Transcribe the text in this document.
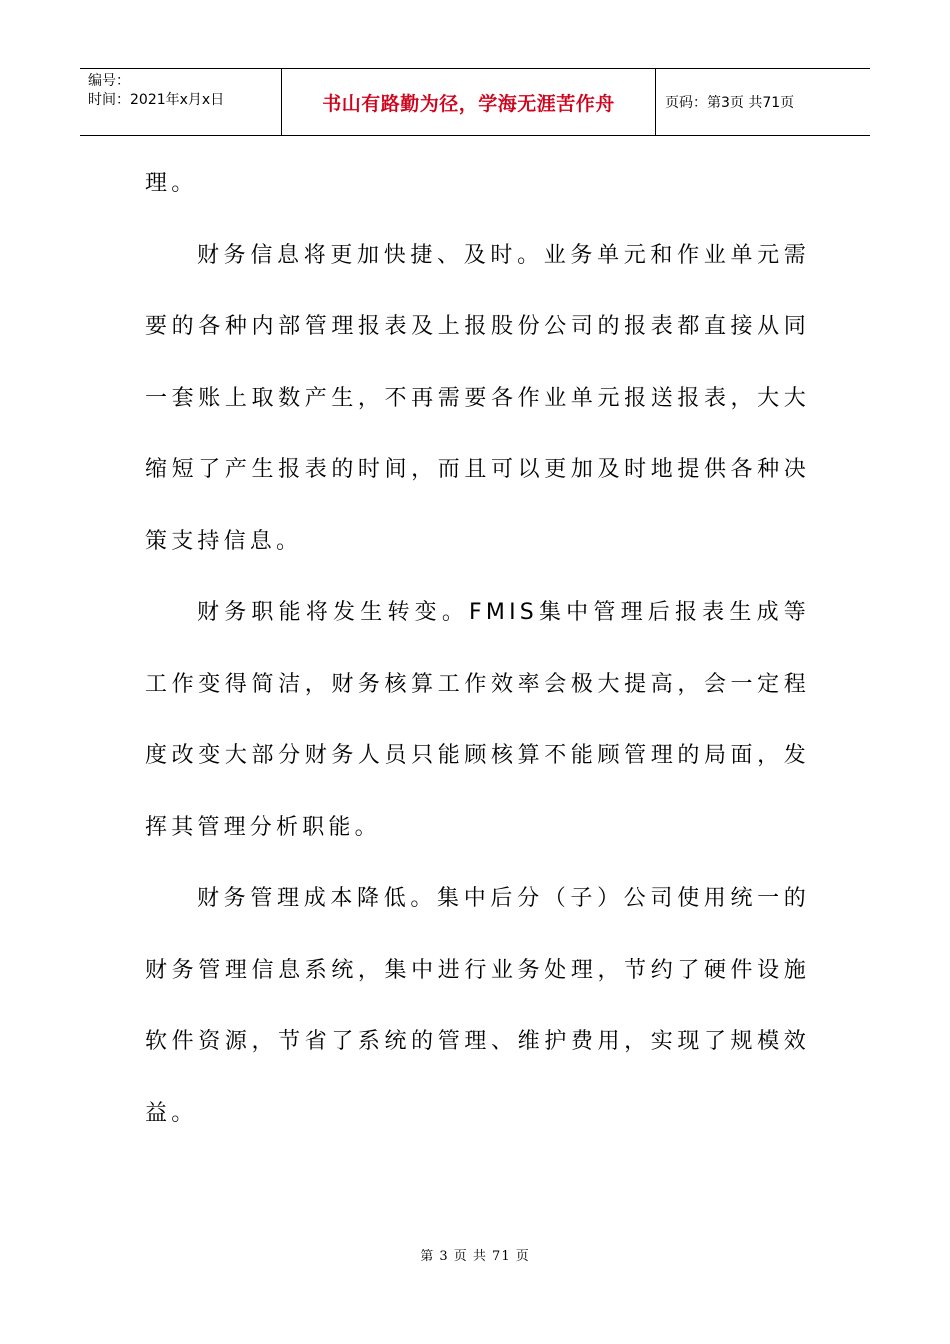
编号：
时间：2021年x月x日	书山有路勤为径，学海无涯苦作舟	页码：第3页 共71页

理。

财务信息将更加快捷、及时。业务单元和作业单元需要的各种内部管理报表及上报股份公司的报表都直接从同一套账上取数产生，不再需要各作业单元报送报表，大大缩短了产生报表的时间，而且可以更加及时地提供各种决策支持信息。

财务职能将发生转变。FMIS集中管理后报表生成等工作变得简洁，财务核算工作效率会极大提高，会一定程度改变大部分财务人员只能顾核算不能顾管理的局面，发挥其管理分析职能。

财务管理成本降低。集中后分（子）公司使用统一的财务管理信息系统，集中进行业务处理，节约了硬件设施软件资源，节省了系统的管理、维护费用，实现了规模效益。

第 3 页 共 71 页
